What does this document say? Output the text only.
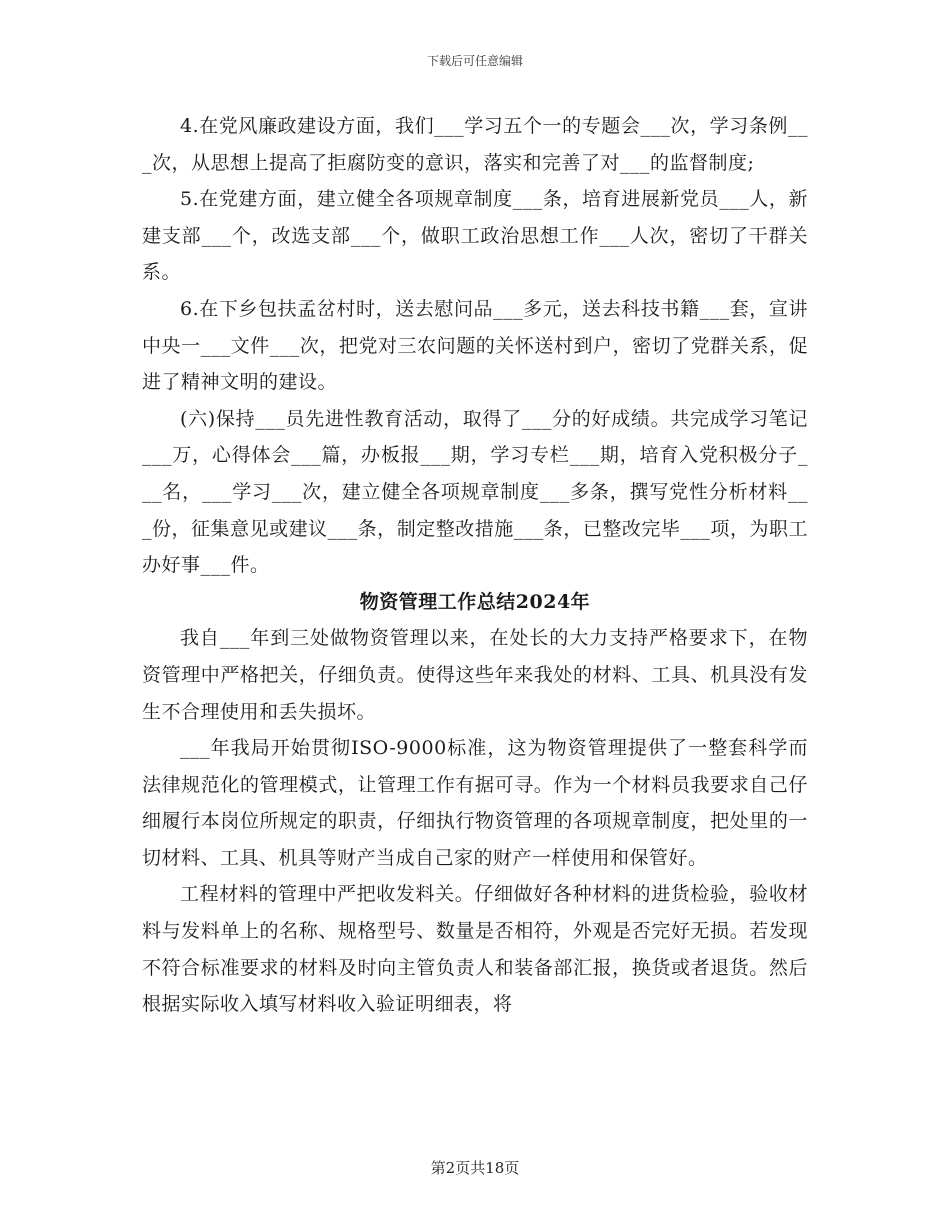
下载后可任意编辑

4.在党风廉政建设方面，我们___学习五个一的专题会___次，学习条例___次，从思想上提高了拒腐防变的意识，落实和完善了对___的监督制度;

5.在党建方面，建立健全各项规章制度___条，培育进展新党员___人，新建支部___个，改选支部___个，做职工政治思想工作___人次，密切了干群关系。

6.在下乡包扶孟岔村时，送去慰问品___多元，送去科技书籍___套，宣讲中央一___文件___次，把党对三农问题的关怀送村到户，密切了党群关系，促进了精神文明的建设。

(六)保持___员先进性教育活动，取得了___分的好成绩。共完成学习笔记___万，心得体会___篇，办板报___期，学习专栏___期，培育入党积极分子___名，___学习___次，建立健全各项规章制度___多条，撰写党性分析材料___份，征集意见或建议___条，制定整改措施___条，已整改完毕___项，为职工办好事___件。

物资管理工作总结2024年

我自___年到三处做物资管理以来，在处长的大力支持严格要求下，在物资管理中严格把关，仔细负责。使得这些年来我处的材料、工具、机具没有发生不合理使用和丢失损坏。

___年我局开始贯彻ISO-9000标准，这为物资管理提供了一整套科学而法律规范化的管理模式，让管理工作有据可寻。作为一个材料员我要求自己仔细履行本岗位所规定的职责，仔细执行物资管理的各项规章制度，把处里的一切材料、工具、机具等财产当成自己家的财产一样使用和保管好。

工程材料的管理中严把收发料关。仔细做好各种材料的进货检验，验收材料与发料单上的名称、规格型号、数量是否相符，外观是否完好无损。若发现不符合标准要求的材料及时向主管负责人和装备部汇报，换货或者退货。然后根据实际收入填写材料收入验证明细表，将

第2页共18页
